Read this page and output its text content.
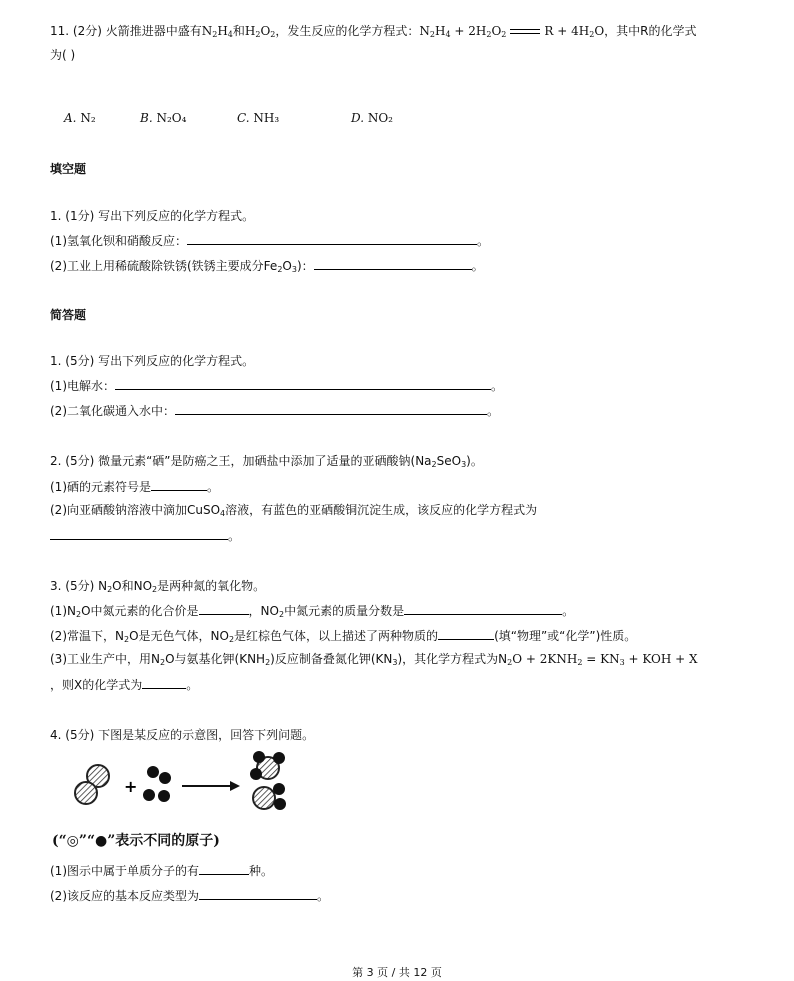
11. (2分) 火箭推进器中盛有$N_2H_4$和$H_2O_2$，发生反应的化学方程式：$N_2H_4 + 2H_2O_2$	$R + 4H_2O$，其中R的化学式
为( )
A. N₂	B. N₂O₄	C. NH₃	D. NO₂
填空题
1. (1分) 写出下列反应的化学方程式。
(1)氢氧化钡和硝酸反应：	。
(2)工业上用稀硫酸除铁锈(铁锈主要成分$Fe_2O_3$)：	。
简答题
1. (5分) 写出下列反应的化学方程式。
(1)电解水：	。
(2)二氧化碳通入水中：	。
2. (5分) 微量元素“硒”是防癌之王，加硒盐中添加了适量的亚硒酸钠$(Na_2SeO_3)$。
(1)硒的元素符号是	。
(2)向亚硒酸钠溶液中滴加CuSO$_4$溶液，有蓝色的亚硒酸铜沉淀生成，该反应的化学方程式为
。
3. (5分) $N_2O$和$NO_2$是两种氮的氧化物。
$(1)N_2O$中氮元素的化合价是	，$NO_2$中氮元素的质量分数是	。
(2)常温下，$N_2O$是无色气体，$NO_2$是红棕色气体，以上描述了两种物质的	(填“物理”或“化学”)性质。
(3)工业生产中，用$N_2O$与氨基化钾$(KNH_2)$反应制备叠氮化钾$(KN_3)$，其化学方程式为$N_2O + 2KNH_2 = KN_3$ + KOH + X
，则X的化学式为	。
4. (5分) 下图是某反应的示意图，回答下列问题。
+
(“◎”“●”表示不同的原子)
(1)图示中属于单质分子的有	种。
(2)该反应的基本反应类型为	。
第 3 页 / 共 12 页
